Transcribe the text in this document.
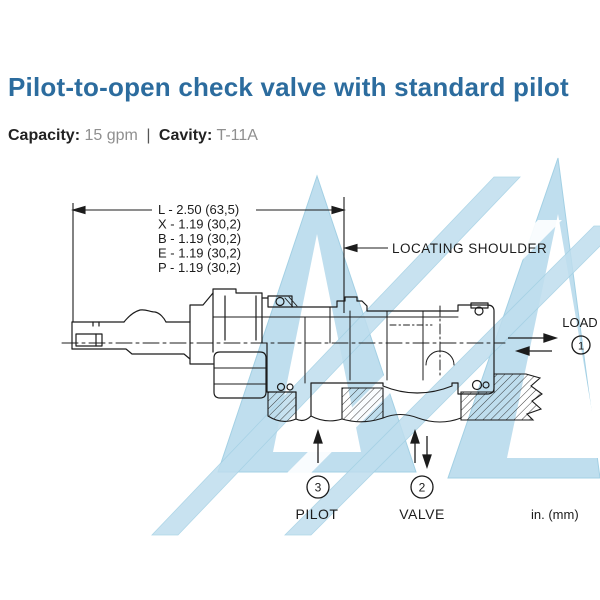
Pilot-to-open check valve with standard pilot
Capacity: 15 gpm | Cavity: T-11A
L - 2.50 (63,5)
X - 1.19 (30,2)
B - 1.19 (30,2)
E - 1.19 (30,2)
P - 1.19 (30,2)
LOCATING SHOULDER
LOAD
1
3
PILOT
2
VALVE	in. (mm)
